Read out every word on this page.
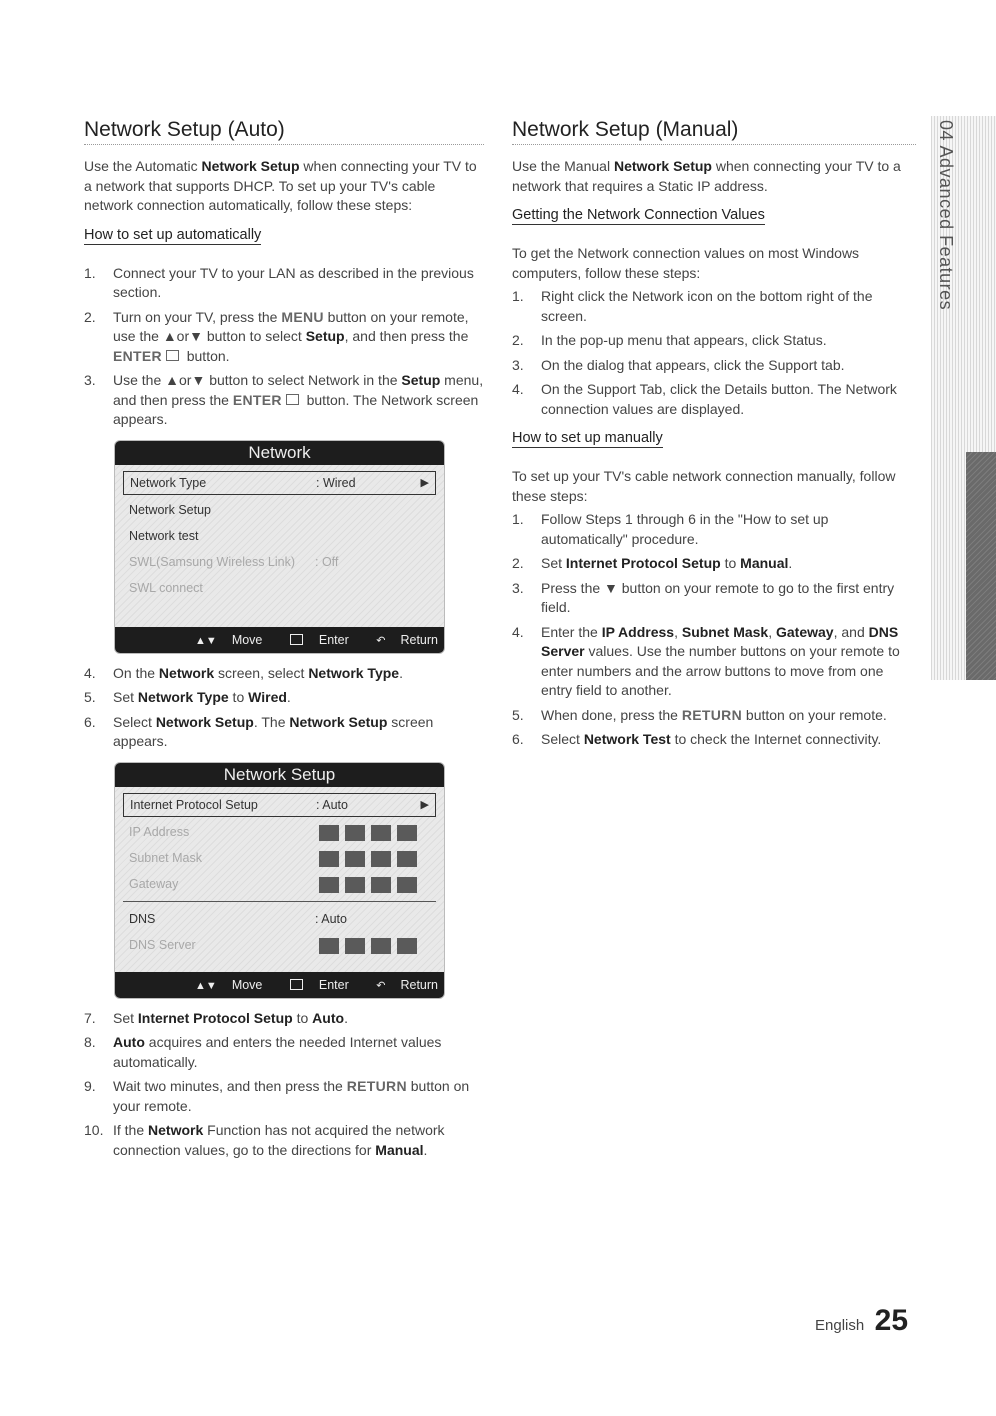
Network Setup (Auto)

Use the Automatic Network Setup when connecting your TV to a network that supports DHCP. To set up your TV's cable network connection automatically, follow these steps:

How to set up automatically
1. Connect your TV to your LAN as described in the previous section.
2. Turn on your TV, press the MENU button on your remote, use the ▲or▼ button to select Setup, and then press the ENTER  button.
3. Use the ▲or▼ button to select Network in the Setup menu, and then press the ENTER  button. The Network screen appears.
Network
Network Type	: Wired	▶
Network Setup
Network test
SWL(Samsung Wireless Link) : Off
SWL connect
▲▼ Move	Enter ↶ Return
4. On the Network screen, select Network Type.
5. Set Network Type to Wired.
6. Select Network Setup. The Network Setup screen appears.
Network Setup
Internet Protocol Setup	: Auto	▶
IP Address
Subnet Mask
Gateway
DNS	: Auto
DNS Server
▲▼ Move	Enter ↶ Return
7. Set Internet Protocol Setup to Auto.
8. Auto acquires and enters the needed Internet values automatically.
9. Wait two minutes, and then press the RETURN button on your remote.
10. If the Network Function has not acquired the network connection values, go to the directions for Manual.
Network Setup (Manual)

Use the Manual Network Setup when connecting your TV to a network that requires a Static IP address.

Getting the Network Connection Values

To get the Network connection values on most Windows computers, follow these steps:

1. Right click the Network icon on the bottom right of the screen.
2. In the pop-up menu that appears, click Status.
3. On the dialog that appears, click the Support tab.
4. On the Support Tab, click the Details button. The Network connection values are displayed.
How to set up manually

To set up your TV's cable network connection manually, follow these steps:

1. Follow Steps 1 through 6 in the "How to set up automatically" procedure.
2. Set Internet Protocol Setup to Manual.
3. Press the ▼ button on your remote to go to the first entry field.
4. Enter the IP Address, Subnet Mask, Gateway, and DNS Server values. Use the number buttons on your remote to enter numbers and the arrow buttons to move from one entry field to another.
5. When done, press the RETURN button on your remote.
6. Select Network Test to check the Internet connectivity.
04 Advanced Features
English 25
